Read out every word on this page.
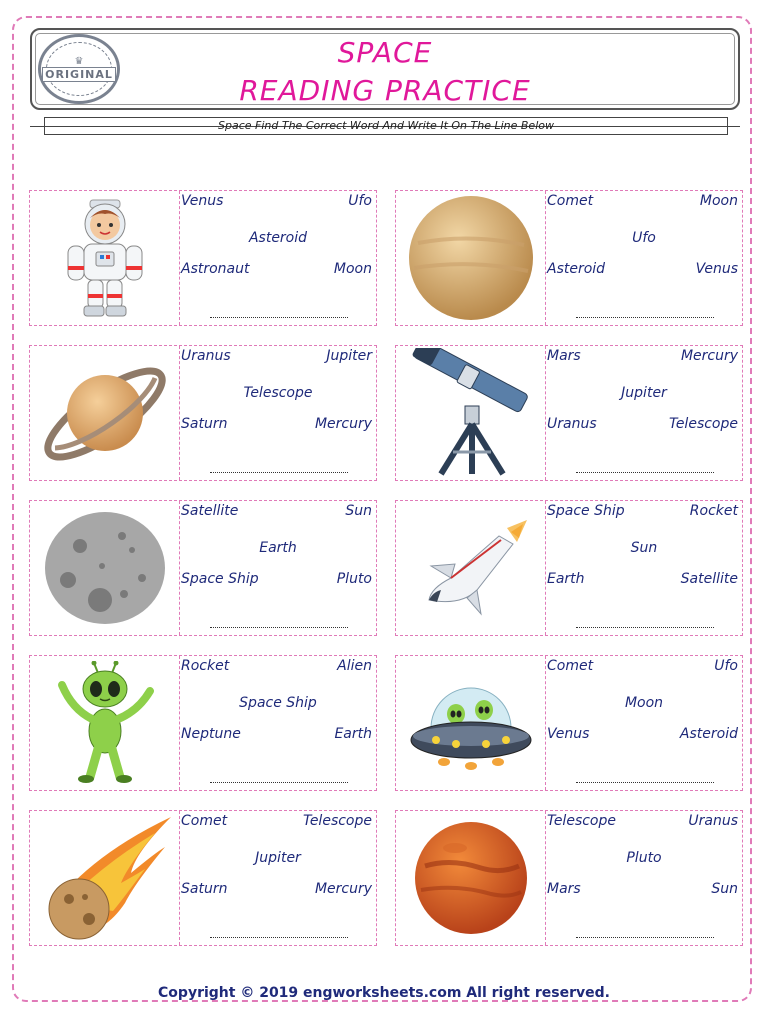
♛
ORIGINAL
SPACE
READING PRACTICE
Space Find The Correct Word And Write It On The Line Below
Venus	Ufo
Asteroid
Astronaut	Moon
Comet	Moon
Ufo
Asteroid	Venus
Uranus	Jupiter
Telescope
Saturn	Mercury
Mars	Mercury
Jupiter
Uranus	Telescope
Satellite	Sun
Earth
Space Ship	Pluto
Space Ship	Rocket
Sun
Earth	Satellite
Rocket	Alien
Space Ship
Neptune	Earth
Comet	Ufo
Moon
Venus	Asteroid
Comet	Telescope
Jupiter
Saturn	Mercury
Telescope	Uranus
Pluto
Mars	Sun
Copyright © 2019 engworksheets.com All right reserved.
